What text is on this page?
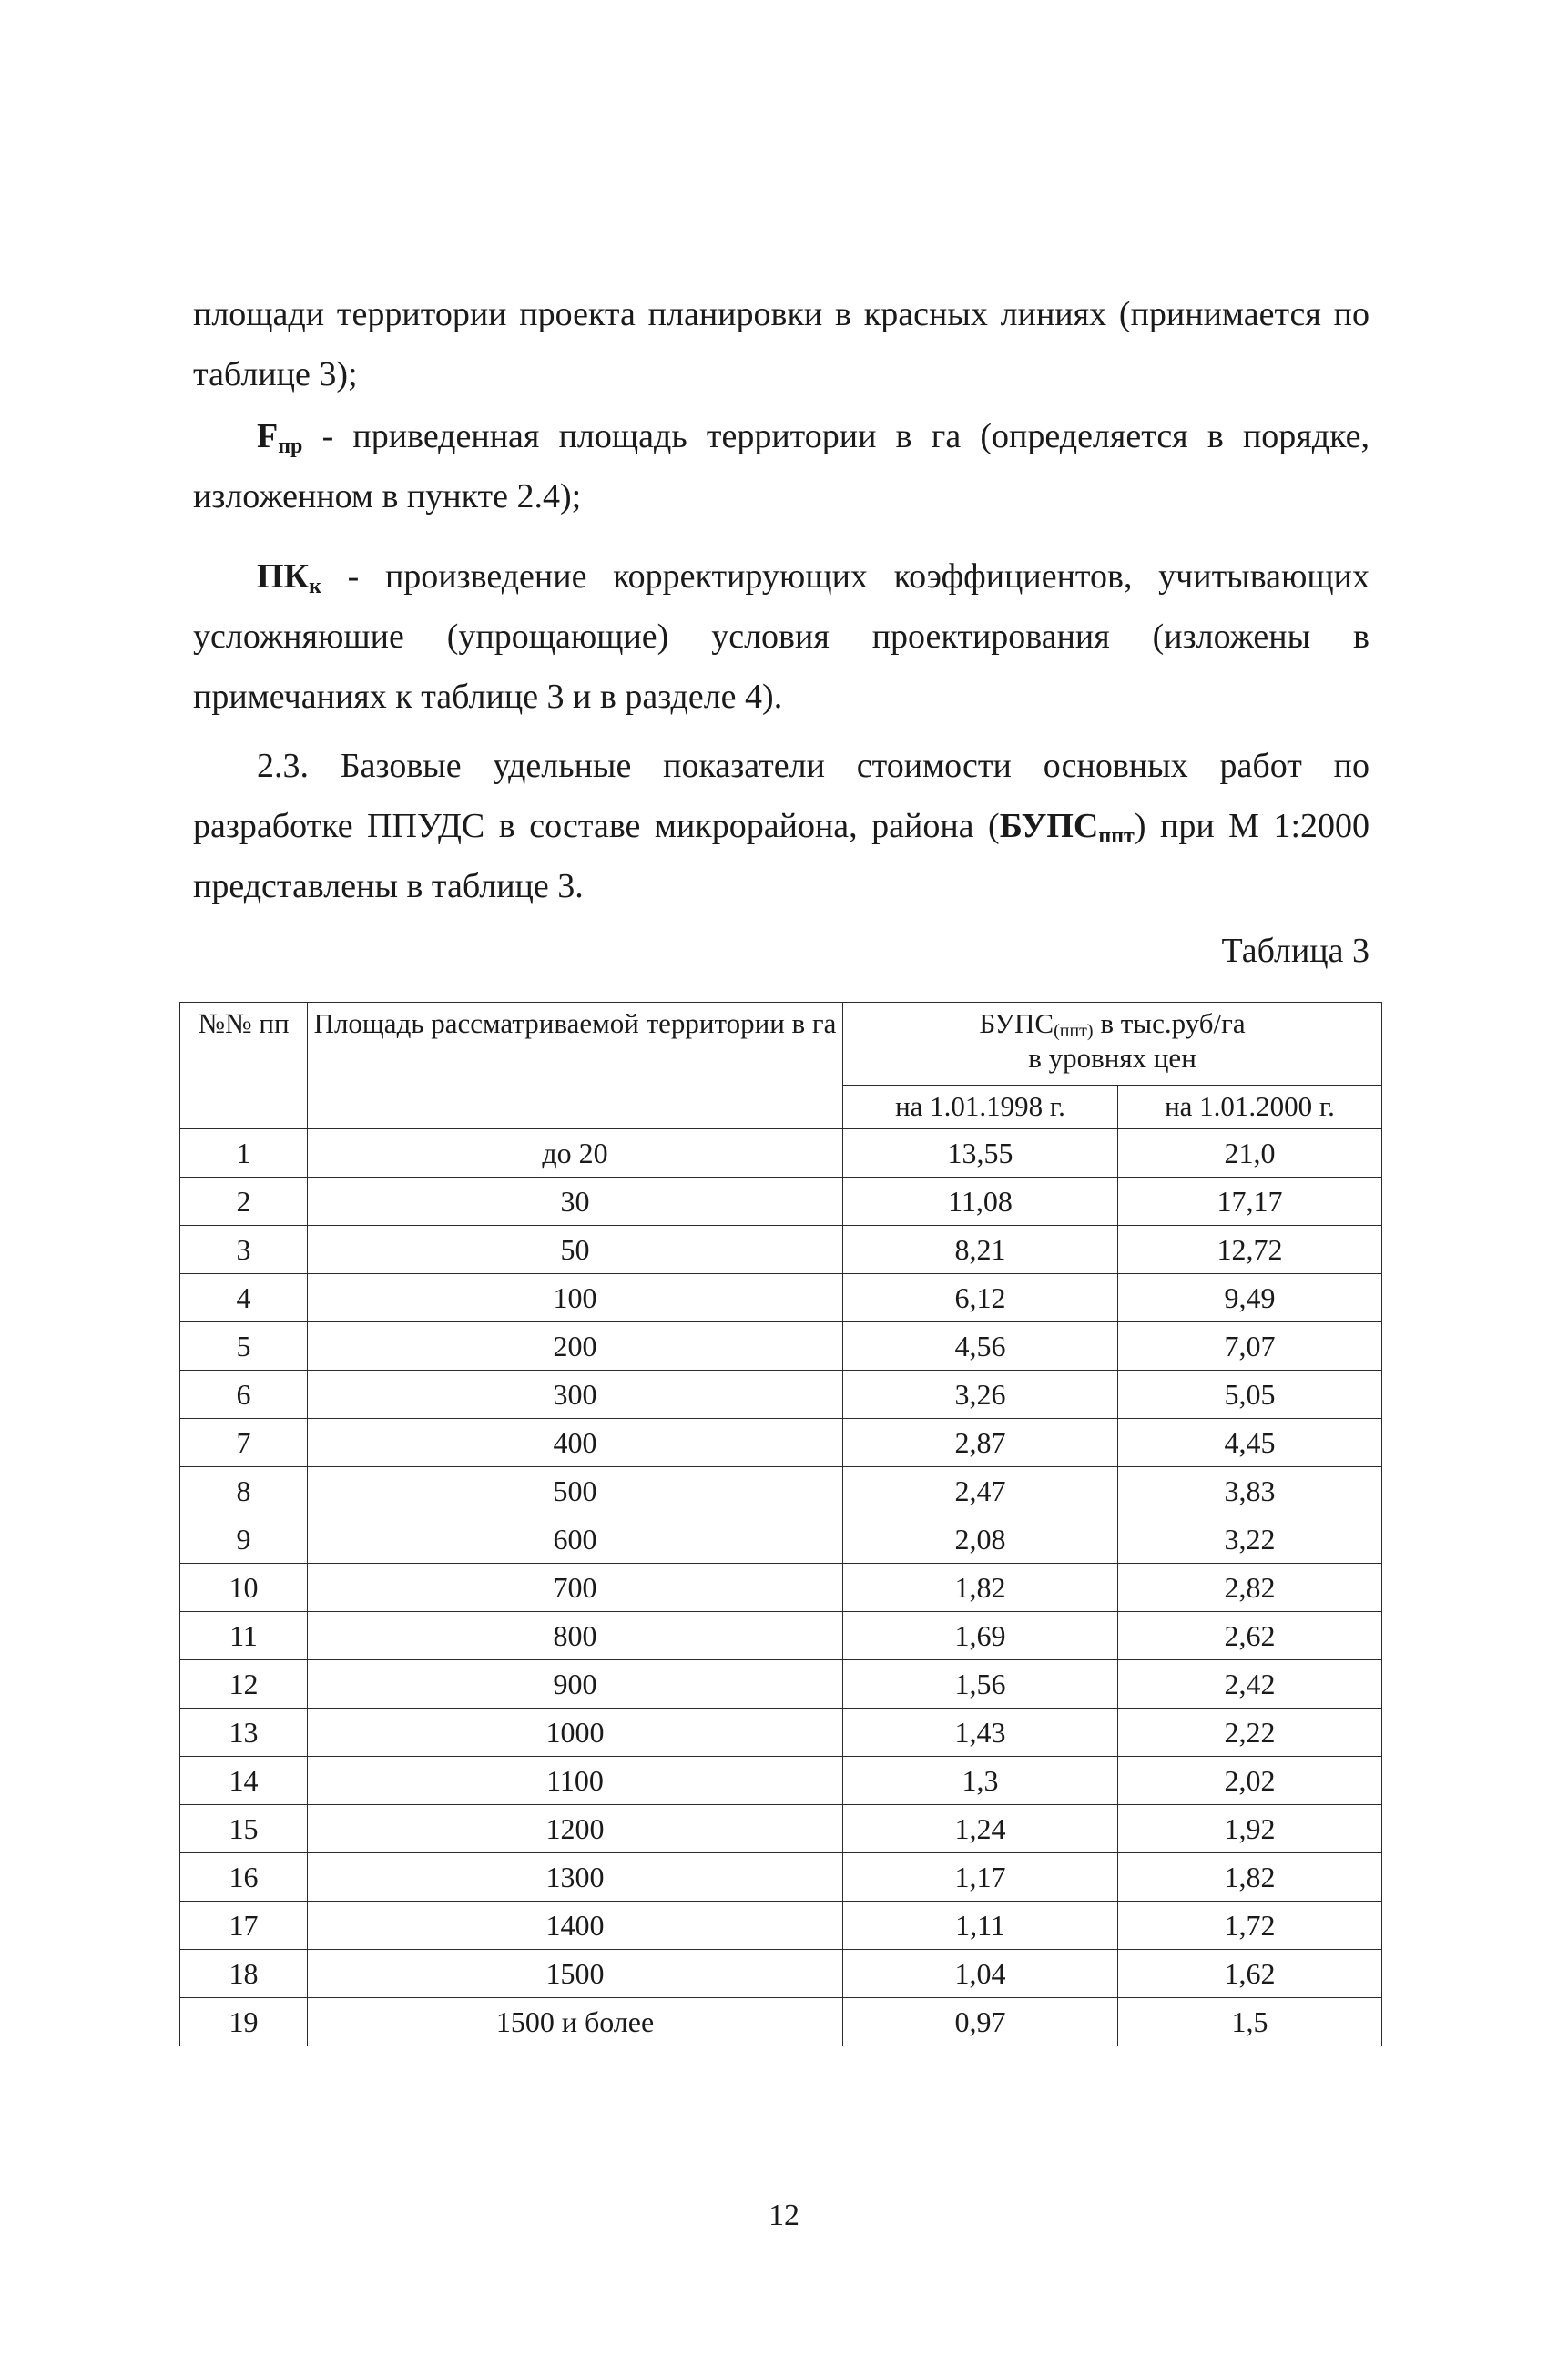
площади территории проекта планировки в красных линиях (принимается по таблице 3);
$F_{пр}$ - приведенная площадь территории в га (определяется в порядке, изложенном в пункте 2.4);
$ПК_к$ - произведение корректирующих коэффициентов, учитывающих усложняюшие (упрощающие) условия проектирования (изложены в примечаниях к таблице 3 и в разделе 4).
2.3. Базовые удельные показатели стоимости основных работ по разработке ППУДС в составе микрорайона, района $(БУПС_{ппт})$ при М 1:2000 представлены в таблице 3.
Таблица 3
№№ пп	Площадь рассматриваемой территории в га	$БУПС_{(ппт)}$ в тыс.руб/га
в уровнях цен	
		на 1.01.1998 г.	на 1.01.2000 г.
1	до 20	13,55	21,0
2	30	11,08	17,17
3	50	8,21	12,72
4	100	6,12	9,49
5	200	4,56	7,07
6	300	3,26	5,05
7	400	2,87	4,45
8	500	2,47	3,83
9	600	2,08	3,22
10	700	1,82	2,82
11	800	1,69	2,62
12	900	1,56	2,42
13	1000	1,43	2,22
14	1100	1,3	2,02
15	1200	1,24	1,92
16	1300	1,17	1,82
17	1400	1,11	1,72
18	1500	1,04	1,62
19	1500 и более	0,97	1,5
12
